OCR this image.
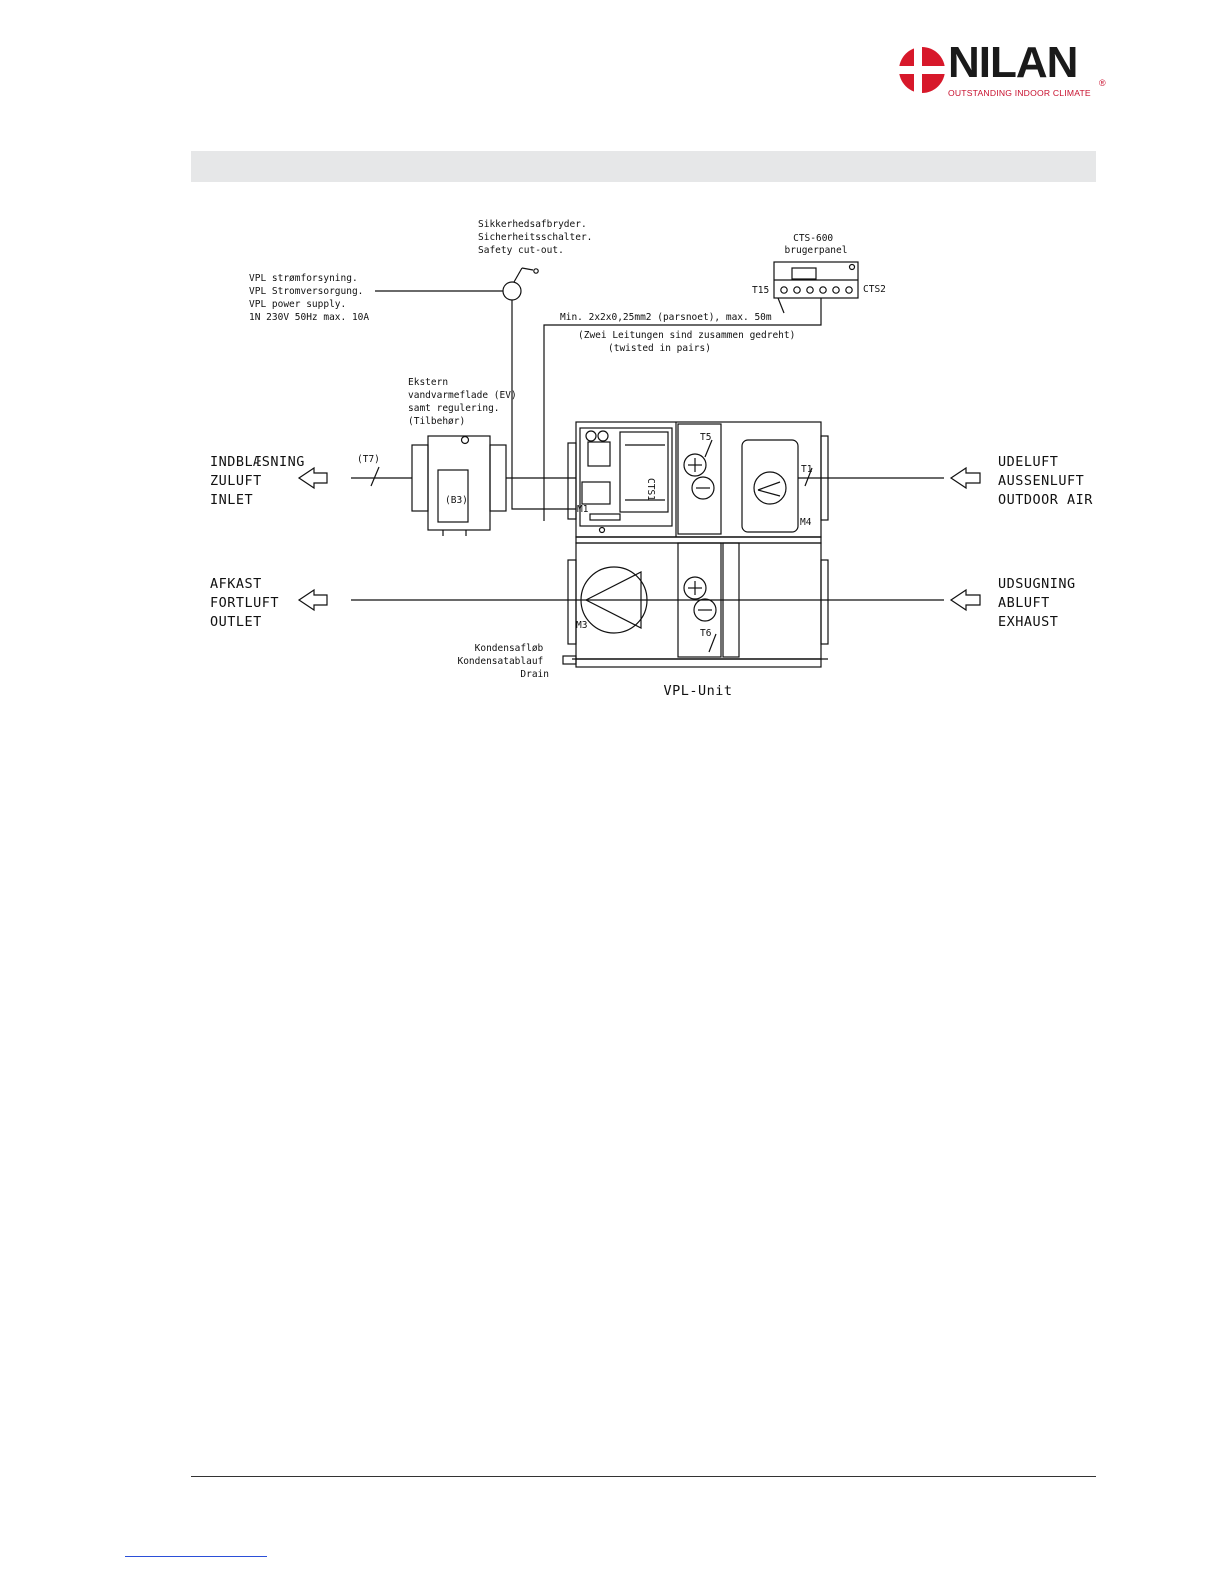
NILAN ®
OUTSTANDING INDOOR CLIMATE
Sikkerhedsafbryder. Sicherheitsschalter. Safety cut-out.
VPL strømforsyning. VPL Stromversorgung. VPL power supply. 1N 230V 50Hz max. 10A
CTS-600 brugerpanel
T15	CTS2
Min. 2x2x0,25mm2 (parsnoet), max. 50m (Zwei Leitungen sind zusammen gedreht) (twisted in pairs)
Ekstern vandvarmeflade (EV) samt regulering. (Tilbehør)
(T7)
(B3)
INDBLÆSNING ZULUFT INLET
UDELUFT AUSSENLUFT OUTDOOR AIR
AFKAST FORTLUFT OUTLET
UDSUGNING ABLUFT EXHAUST
T5
T1
M4
M1
CTS1
M3
T6
Kondensafløb Kondensatablauf Drain
VPL-Unit
